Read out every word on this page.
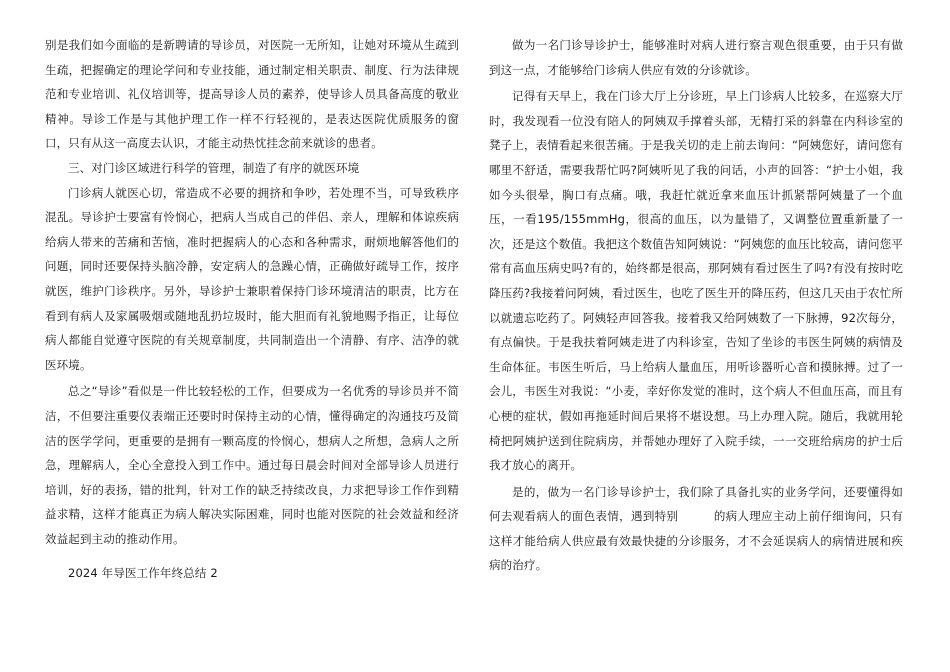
别是我们如今面临的是新聘请的导诊员，对医院一无所知，让她对环境从生疏到生疏，把握确定的理论学问和专业技能，通过制定相关职责、制度、行为法律规范和专业培训、礼仪培训等，提高导诊人员的素养，使导诊人员具备高度的敬业精神。导诊工作是与其他护理工作一样不行轻视的，是表达医院优质服务的窗口，只有从这一高度去认识，才能主动热忱挂念前来就诊的患者。

三、对门诊区域进行科学的管理，制造了有序的就医环境

门诊病人就医心切，常造成不必要的拥挤和争吵，若处理不当，可导致秩序混乱。导诊护士要富有怜悯心，把病人当成自己的伴侣、亲人，理解和体谅疾病给病人带来的苦痛和苦恼，准时把握病人的心态和各种需求，耐烦地解答他们的问题，同时还要保持头脑冷静，安定病人的急躁心情，正确做好疏导工作，按序就医，维护门诊秩序。另外，导诊护士兼职着保持门诊环境清洁的职责，比方在看到有病人及家属吸烟或随地乱扔垃圾时，能大胆而有礼貌地赐予指正，让每位病人都能自觉遵守医院的有关规章制度，共同制造出一个清静、有序、洁净的就医环境。

总之“导诊”看似是一件比较轻松的工作，但要成为一名优秀的导诊员并不简洁，不但要注重要仪表端正还要时时保持主动的心情，懂得确定的沟通技巧及简洁的医学学问，更重要的是拥有一颗高度的怜悯心，想病人之所想，急病人之所急，理解病人，全心全意投入到工作中。通过每日晨会时间对全部导诊人员进行培训，好的表扬，错的批判，针对工作的缺乏持续改良，力求把导诊工作作到精益求精，这样才能真正为病人解决实际困难，同时也能对医院的社会效益和经济效益起到主动的推动作用。

2024 年导医工作年终总结 2

做为一名门诊导诊护士，能够准时对病人进行察言观色很重要，由于只有做到这一点，才能够给门诊病人供应有效的分诊就诊。

记得有天早上，我在门诊大厅上分诊班，早上门诊病人比较多，在巡察大厅时，我发现看一位没有陪人的阿姨双手撑着头部，无精打采的斜靠在内科诊室的凳子上，表情看起来很苦痛。于是我关切的走上前去询问：“阿姨您好，请问您有哪里不舒适，需要我帮忙吗?阿姨听见了我的问话，小声的回答：“护士小姐，我如今头很晕，胸口有点痛。哦，我赶忙就近拿来血压计抓紧帮阿姨量了一个血压，一看195/155mmHg，很高的血压，以为量错了，又调整位置重新量了一次，还是这个数值。我把这个数值告知阿姨说：“阿姨您的血压比较高，请问您平常有高血压病史吗?有的，始终都是很高，那阿姨有看过医生了吗?有没有按时吃降压药?我接着问阿姨，看过医生，也吃了医生开的降压药，但这几天由于农忙所以就遗忘吃药了。阿姨轻声回答我。接着我又给阿姨数了一下脉搏，92次每分，有点偏快。于是我扶着阿姨走进了内科诊室，告知了坐诊的韦医生阿姨的病情及生命体征。韦医生听后，马上给病人量血压，用听诊器听心音和摸脉搏。过了一会儿，韦医生对我说：“小麦，幸好你发觉的准时，这个病人不但血压高，而且有心梗的症状，假如再拖延时间后果将不堪设想。马上办理入院。随后，我就用轮椅把阿姨护送到住院病房，并帮她办理好了入院手续，一一交班给病房的护士后我才放心的离开。

是的，做为一名门诊导诊护士，我们除了具备扎实的业务学问，还要懂得如何去观看病人的面色表情，遇到特别　　　的病人理应主动上前仔细询问，只有这样才能给病人供应最有效最快捷的分诊服务，才不会延误病人的病情进展和疾病的治疗。
